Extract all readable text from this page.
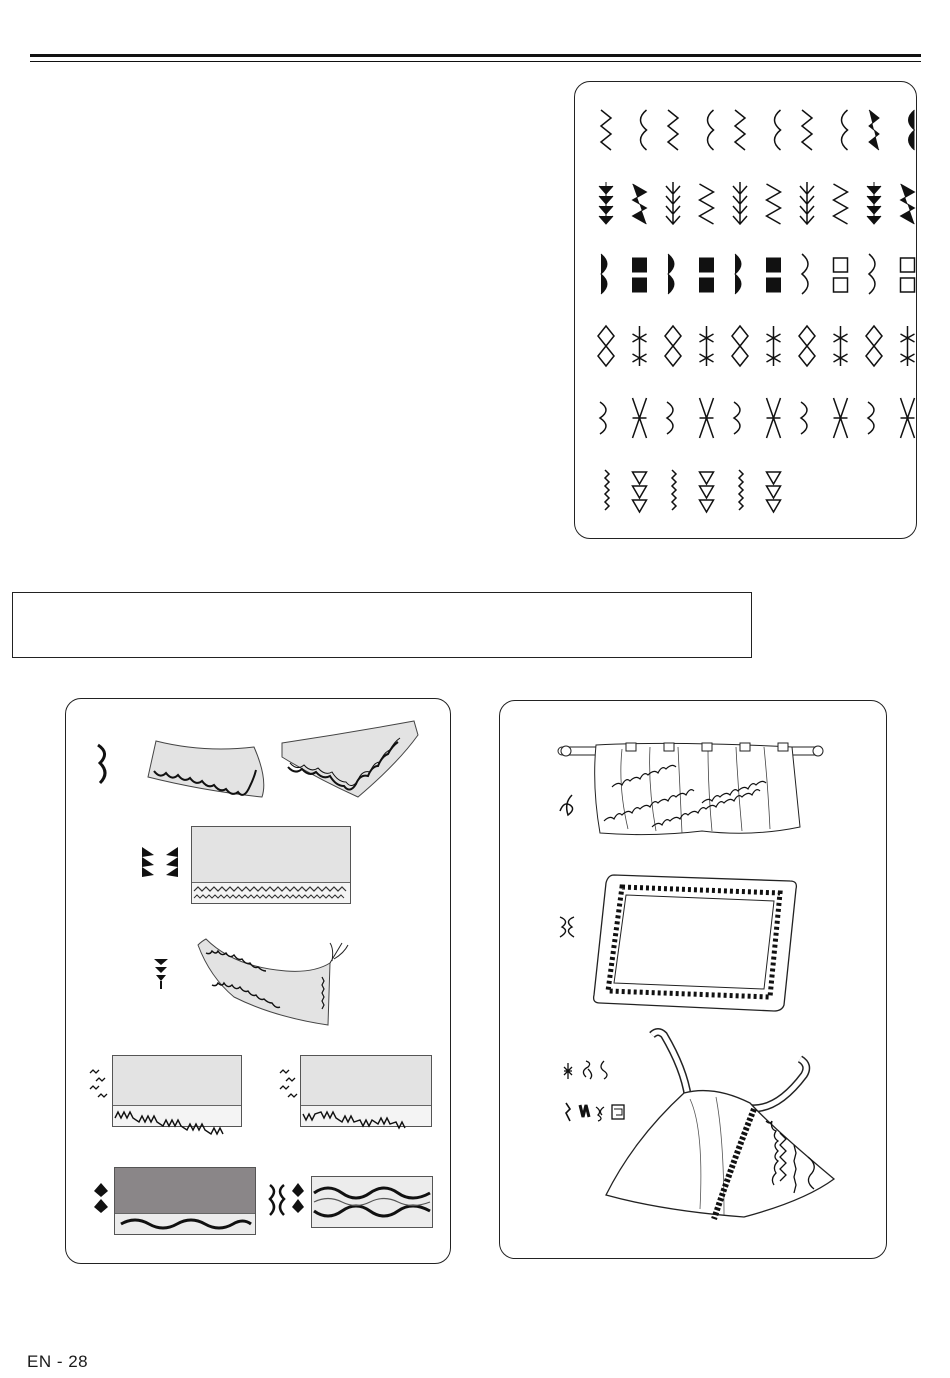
EN - 28
